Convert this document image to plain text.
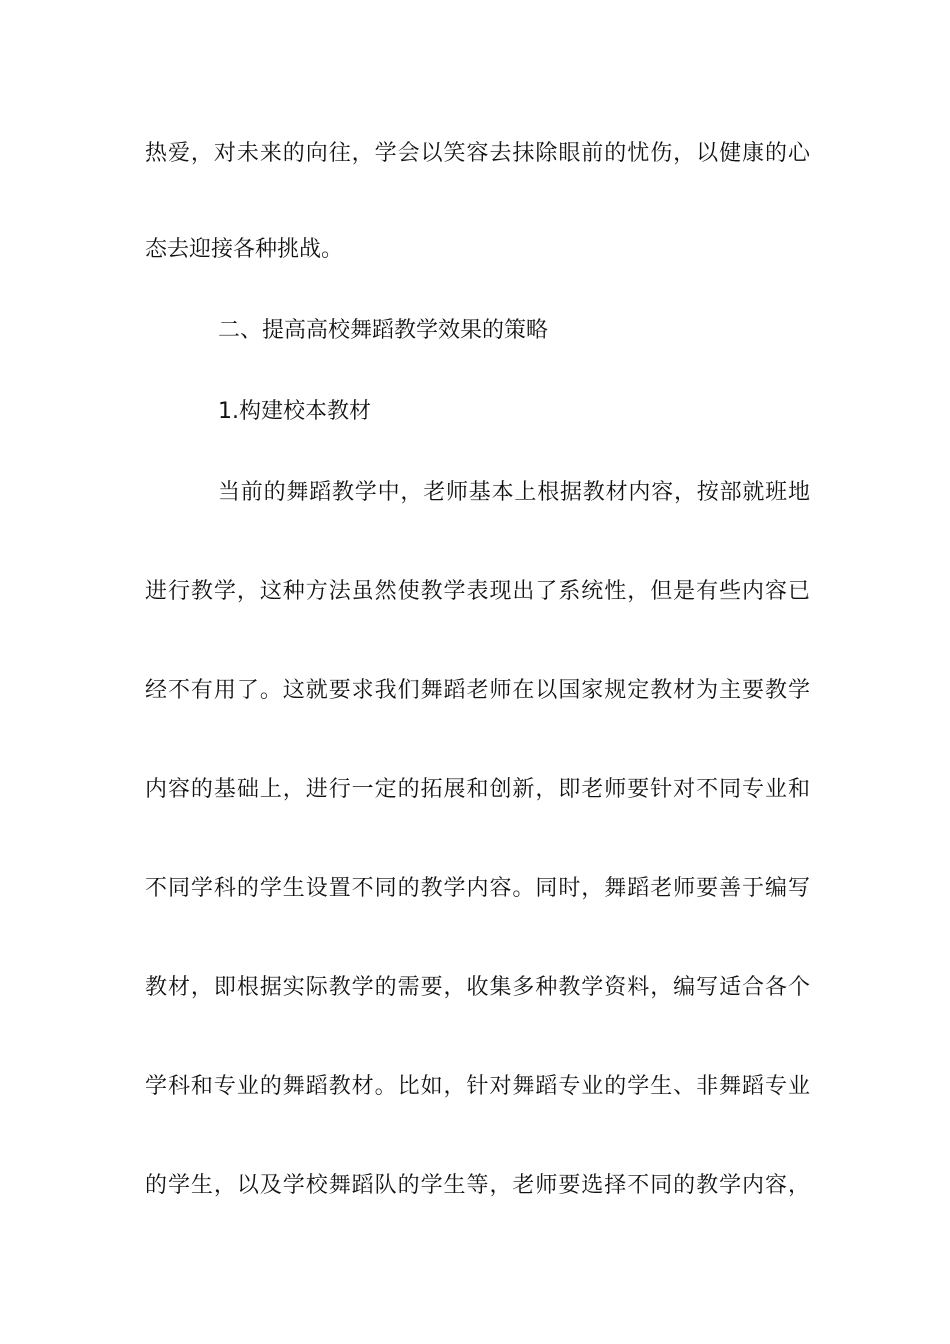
热爱，对未来的向往，学会以笑容去抹除眼前的忧伤，以健康的心
态去迎接各种挑战。
二、提高高校舞蹈教学效果的策略
1.构建校本教材
当前的舞蹈教学中，老师基本上根据教材内容，按部就班地
进行教学，这种方法虽然使教学表现出了系统性，但是有些内容已
经不有用了。这就要求我们舞蹈老师在以国家规定教材为主要教学
内容的基础上，进行一定的拓展和创新，即老师要针对不同专业和
不同学科的学生设置不同的教学内容。同时，舞蹈老师要善于编写
教材，即根据实际教学的需要，收集多种教学资料，编写适合各个
学科和专业的舞蹈教材。比如，针对舞蹈专业的学生、非舞蹈专业
的学生，以及学校舞蹈队的学生等，老师要选择不同的教学内容，
